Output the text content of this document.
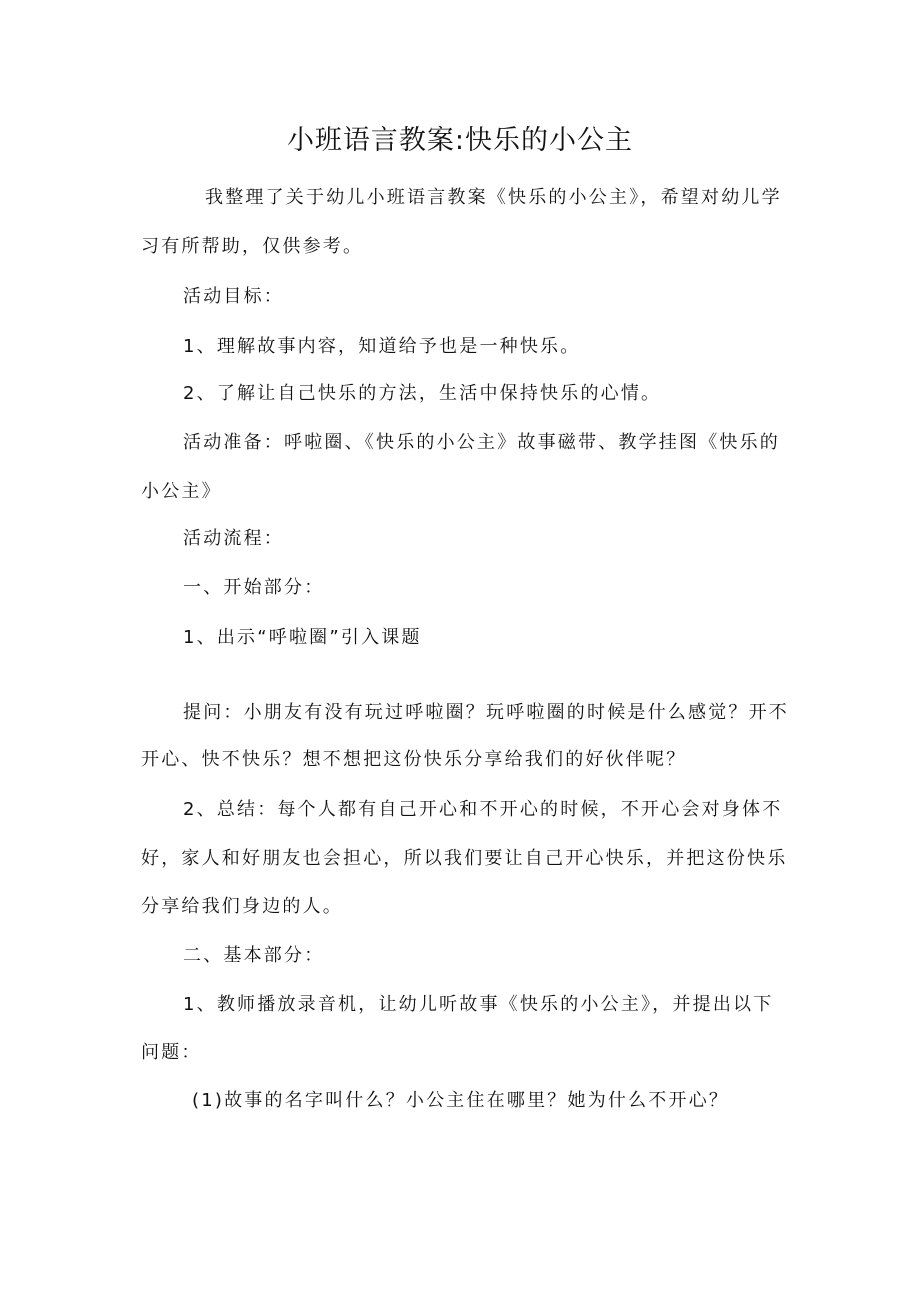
小班语言教案:快乐的小公主
我整理了关于幼儿小班语言教案《快乐的小公主》，希望对幼儿学
习有所帮助，仅供参考。
活动目标：
1、理解故事内容，知道给予也是一种快乐。
2、了解让自己快乐的方法，生活中保持快乐的心情。
活动准备：呼啦圈、《快乐的小公主》故事磁带、教学挂图《快乐的
小公主》
活动流程：
一、开始部分：
1、出示“呼啦圈”引入课题
提问：小朋友有没有玩过呼啦圈？玩呼啦圈的时候是什么感觉？开不
开心、快不快乐？想不想把这份快乐分享给我们的好伙伴呢？
2、总结：每个人都有自己开心和不开心的时候，不开心会对身体不
好，家人和好朋友也会担心，所以我们要让自己开心快乐，并把这份快乐
分享给我们身边的人。
二、基本部分：
1、教师播放录音机，让幼儿听故事《快乐的小公主》，并提出以下
问题：
(1)故事的名字叫什么？小公主住在哪里？她为什么不开心？
